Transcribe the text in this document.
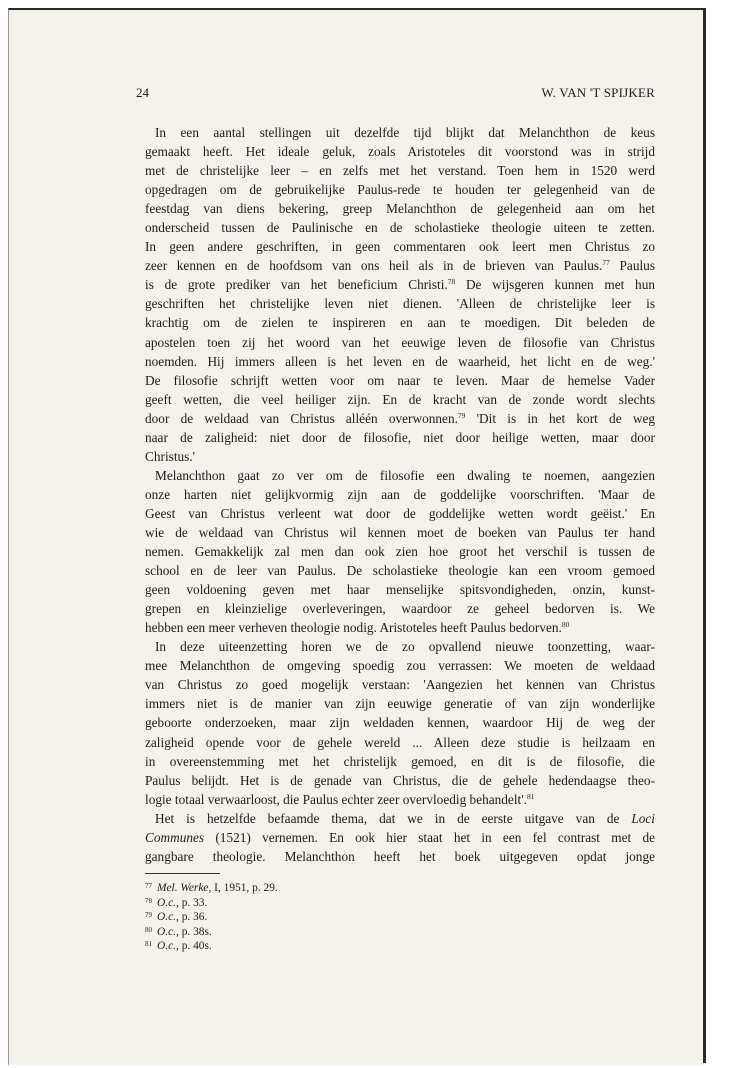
24	W. VAN 'T SPIJKER
In een aantal stellingen uit dezelfde tijd blijkt dat Melanchthon de keus
gemaakt heeft. Het ideale geluk, zoals Aristoteles dit voorstond was in strijd
met de christelijke leer – en zelfs met het verstand. Toen hem in 1520 werd
opgedragen om de gebruikelijke Paulus-rede te houden ter gelegenheid van de
feestdag van diens bekering, greep Melanchthon de gelegenheid aan om het
onderscheid tussen de Paulinische en de scholastieke theologie uiteen te zetten.
In geen andere geschriften, in geen commentaren ook leert men Christus zo
zeer kennen en de hoofdsom van ons heil als in de brieven van Paulus.$^{77}$ Paulus
is de grote prediker van het beneficium Christi.$^{78}$ De wijsgeren kunnen met hun
geschriften het christelijke leven niet dienen. 'Alleen de christelijke leer is
krachtig om de zielen te inspireren en aan te moedigen. Dit beleden de
apostelen toen zij het woord van het eeuwige leven de filosofie van Christus
noemden. Hij immers alleen is het leven en de waarheid, het licht en de weg.'
De filosofie schrijft wetten voor om naar te leven. Maar de hemelse Vader
geeft wetten, die veel heiliger zijn. En de kracht van de zonde wordt slechts
door de weldaad van Christus alléén overwonnen.$^{79}$ 'Dit is in het kort de weg
naar de zaligheid: niet door de filosofie, niet door heilige wetten, maar door
Christus.'
Melanchthon gaat zo ver om de filosofie een dwaling te noemen, aangezien
onze harten niet gelijkvormig zijn aan de goddelijke voorschriften. 'Maar de
Geest van Christus verleent wat door de goddelijke wetten wordt geëist.' En
wie de weldaad van Christus wil kennen moet de boeken van Paulus ter hand
nemen. Gemakkelijk zal men dan ook zien hoe groot het verschil is tussen de
school en de leer van Paulus. De scholastieke theologie kan een vroom gemoed
geen voldoening geven met haar menselijke spitsvondigheden, onzin, kunst-
grepen en kleinzielige overleveringen, waardoor ze geheel bedorven is. We
hebben een meer verheven theologie nodig. Aristoteles heeft Paulus bedorven.$^{80}$
In deze uiteenzetting horen we de zo opvallend nieuwe toonzetting, waar-
mee Melanchthon de omgeving spoedig zou verrassen: We moeten de weldaad
van Christus zo goed mogelijk verstaan: 'Aangezien het kennen van Christus
immers niet is de manier van zijn eeuwige generatie of van zijn wonderlijke
geboorte onderzoeken, maar zijn weldaden kennen, waardoor Hij de weg der
zaligheid opende voor de gehele wereld ... Alleen deze studie is heilzaam en
in overeenstemming met het christelijk gemoed, en dit is de filosofie, die
Paulus belijdt. Het is de genade van Christus, die de gehele hedendaagse theo-
logie totaal verwaarloost, die Paulus echter zeer overvloedig behandelt'.$^{81}$
Het is hetzelfde befaamde thema, dat we in de eerste uitgave van de Loci
Communes (1521) vernemen. En ook hier staat het in een fel contrast met de
gangbare theologie. Melanchthon heeft het boek uitgegeven opdat jonge
$^{77}$ Mel. Werke, I, 1951, p. 29.
$^{78}$ O.c., p. 33.
$^{79}$ O.c., p. 36.
$^{80}$ O.c., p. 38s.
$^{81}$ O.c., p. 40s.
